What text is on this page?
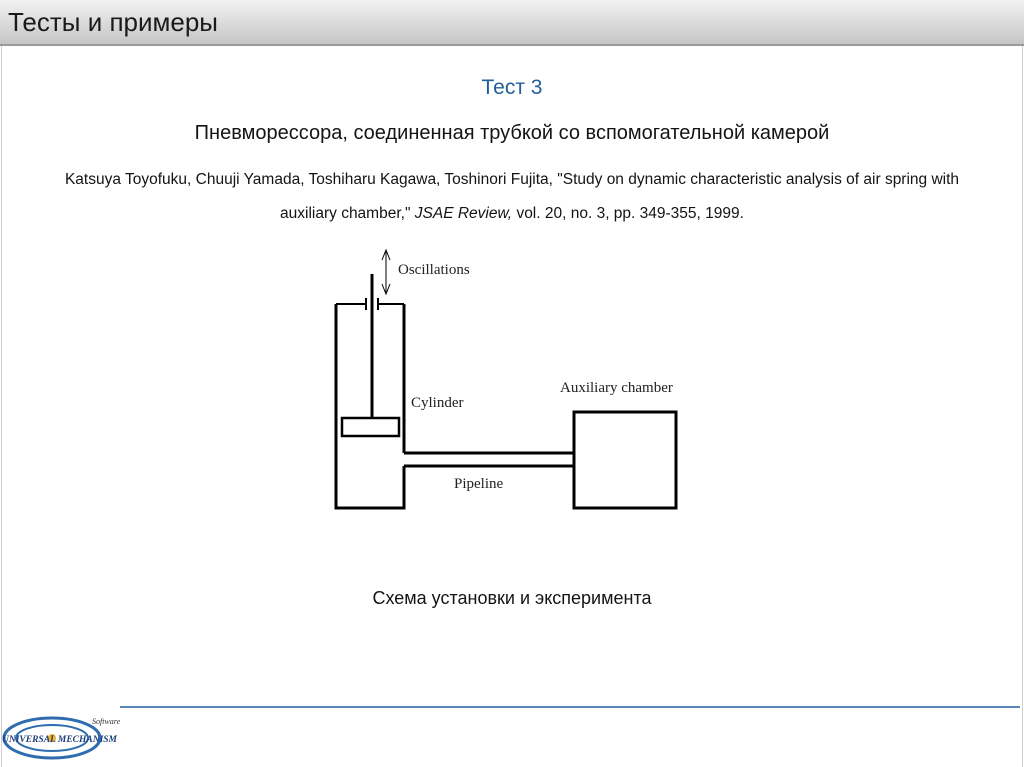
Тесты и примеры
Тест 3
Пневморессора, соединенная трубкой со вспомогательной камерой
Katsuya Toyofuku, Chuuji Yamada, Toshiharu Kagawa, Toshinori Fujita, "Study on dynamic characteristic analysis of air spring with auxiliary chamber," JSAE Review, vol. 20, no. 3, pp. 349-355, 1999.
Oscillations
Cylinder
Auxiliary chamber
Pipeline
Схема установки и эксперимента
Software
UNIVERSAL MECHANISM
